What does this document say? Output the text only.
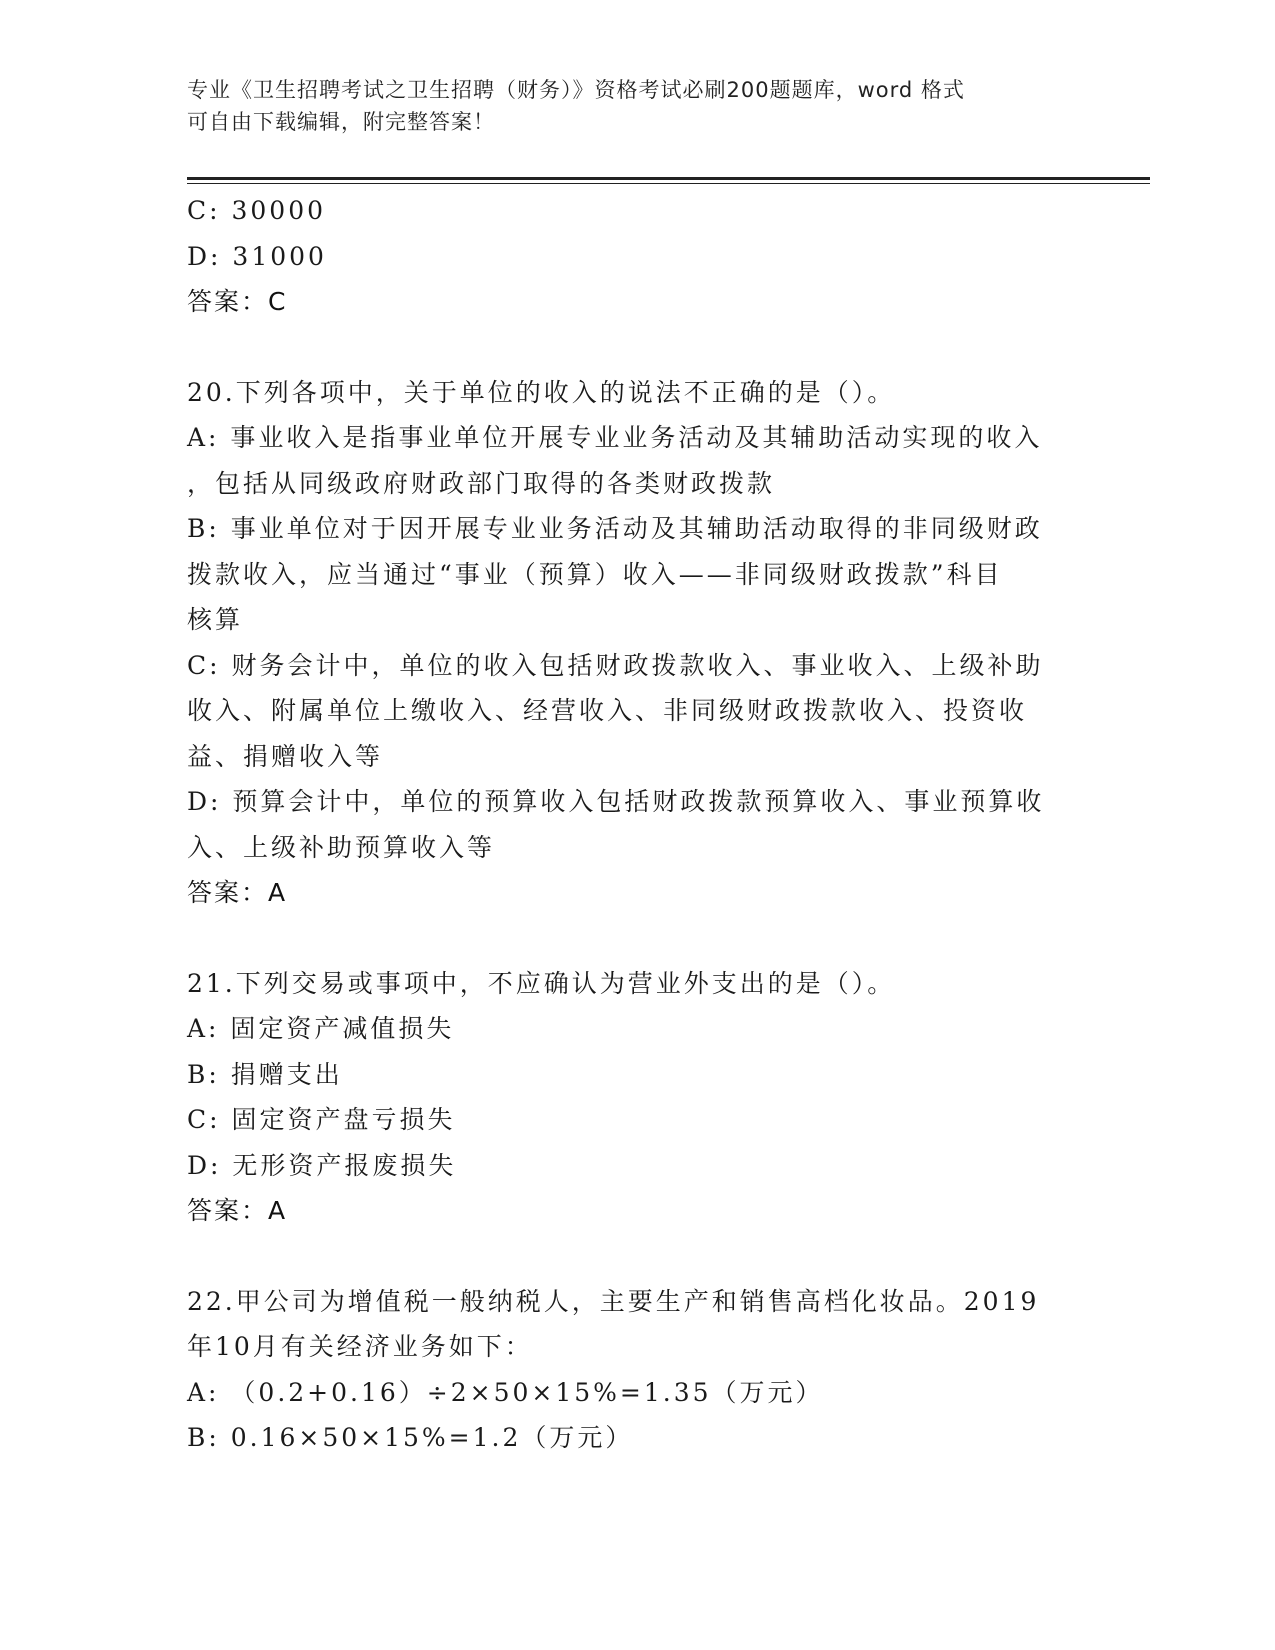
专业《卫生招聘考试之卫生招聘（财务）》资格考试必刷200题题库，word 格式
可自由下载编辑，附完整答案！
C: 30000
D: 31000
答案：C
20.下列各项中，关于单位的收入的说法不正确的是（）。
A: 事业收入是指事业单位开展专业业务活动及其辅助活动实现的收入
，包括从同级政府财政部门取得的各类财政拨款
B: 事业单位对于因开展专业业务活动及其辅助活动取得的非同级财政
拨款收入，应当通过“事业（预算）收入——非同级财政拨款”科目
核算
C: 财务会计中，单位的收入包括财政拨款收入、事业收入、上级补助
收入、附属单位上缴收入、经营收入、非同级财政拨款收入、投资收
益、捐赠收入等
D: 预算会计中，单位的预算收入包括财政拨款预算收入、事业预算收
入、上级补助预算收入等
答案：A
21.下列交易或事项中，不应确认为营业外支出的是（）。
A: 固定资产减值损失
B: 捐赠支出
C: 固定资产盘亏损失
D: 无形资产报废损失
答案：A
22.甲公司为增值税一般纳税人，主要生产和销售高档化妆品。2019
年10月有关经济业务如下：
A: （0.2+0.16）÷2×50×15%=1.35（万元）
B: 0.16×50×15%=1.2（万元）
